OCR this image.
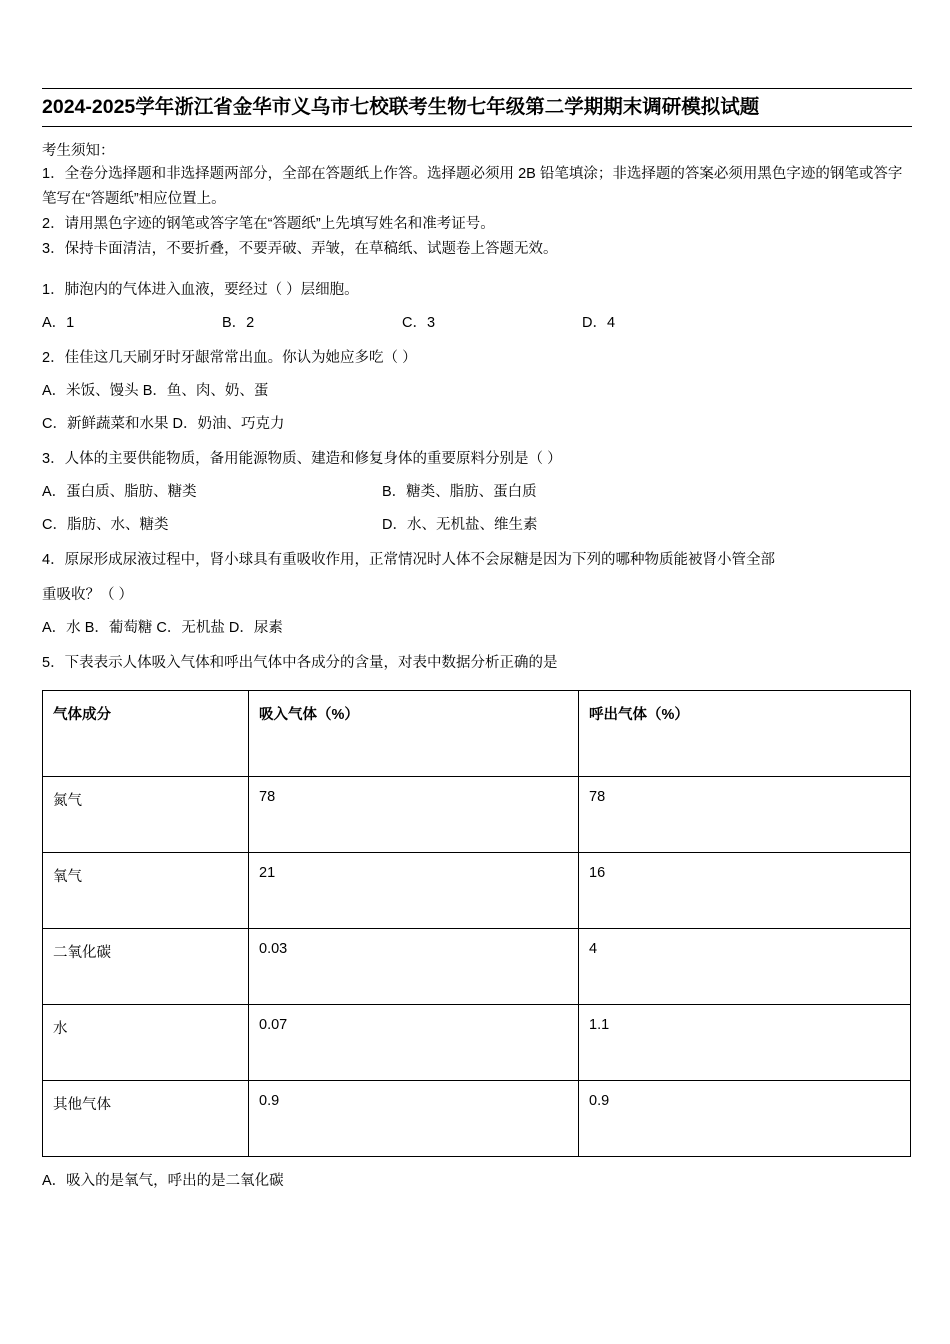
2024-2025学年浙江省金华市义乌市七校联考生物七年级第二学期期末调研模拟试题
考生须知：
1．全卷分选择题和非选择题两部分，全部在答题纸上作答。选择题必须用 2B 铅笔填涂；非选择题的答案必须用黑色字迹的钢笔或答字笔写在“答题纸”相应位置上。
2．请用黑色字迹的钢笔或答字笔在“答题纸”上先填写姓名和准考证号。
3．保持卡面清洁，不要折叠，不要弄破、弄皱，在草稿纸、试题卷上答题无效。
1．肺泡内的气体进入血液，要经过（ ）层细胞。
A．1	B．2	C．3	D．4
2．佳佳这几天刷牙时牙龈常常出血。你认为她应多吃（ ）
A．米饭、馒头 B．鱼、肉、奶、蛋
C．新鲜蔬菜和水果 D．奶油、巧克力
3．人体的主要供能物质，备用能源物质、建造和修复身体的重要原料分别是（ ）
A．蛋白质、脂肪、糖类	B．糖类、脂肪、蛋白质
C．脂肪、水、糖类	D．水、无机盐、维生素
4．原尿形成尿液过程中，肾小球具有重吸收作用，正常情况时人体不会尿糖是因为下列的哪种物质能被肾小管全部
重吸收？（ ）
A．水 B．葡萄糖 C．无机盐 D．尿素
5．下表表示人体吸入气体和呼出气体中各成分的含量，对表中数据分析正确的是
气体成分	吸入气体（%）	呼出气体（%）
氮气	78	78
氧气	21	16
二氧化碳	0.03	4
水	0.07	1.1
其他气体	0.9	0.9
A．吸入的是氧气，呼出的是二氧化碳
